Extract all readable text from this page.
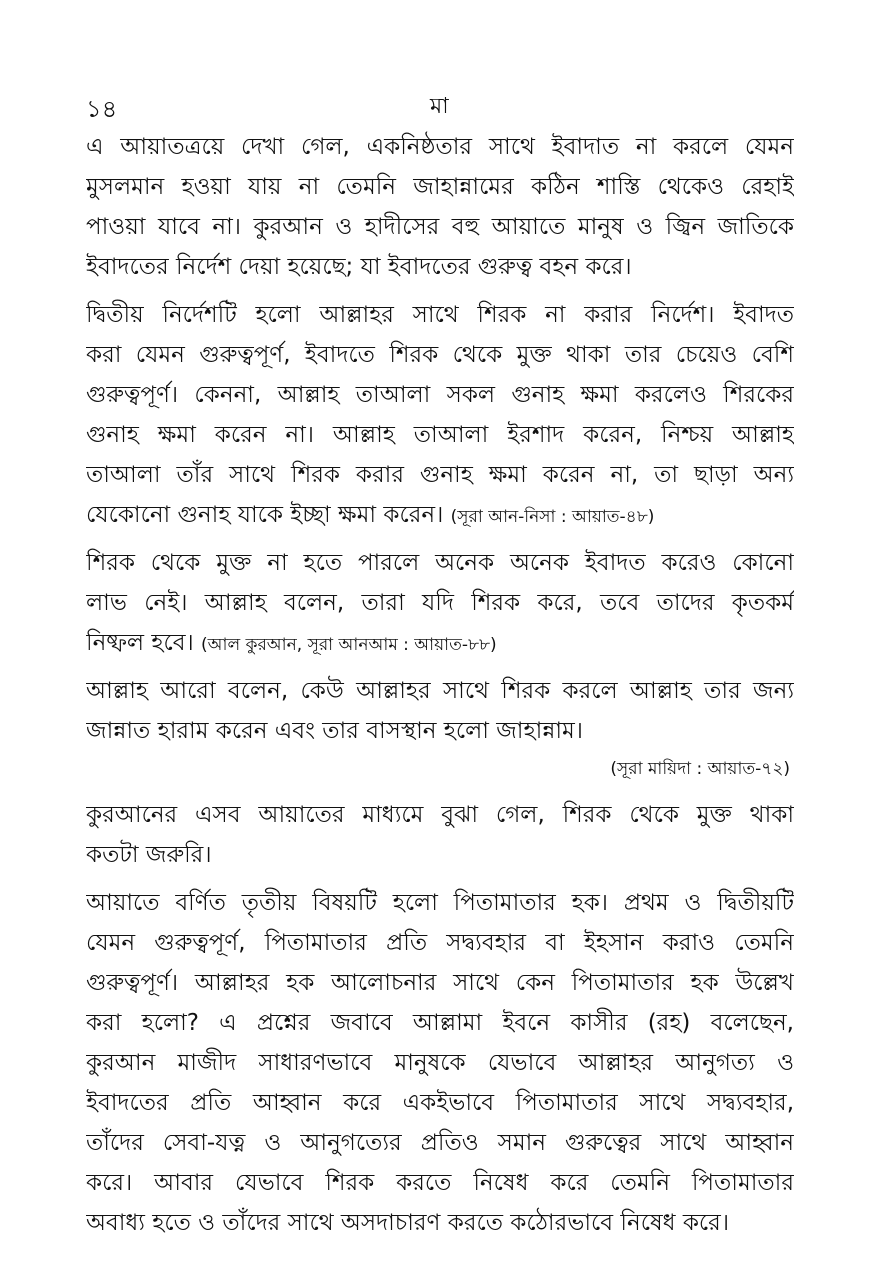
১৪	মা
এ আয়াতত্রয়ে দেখা গেল, একনিষ্ঠতার সাথে ইবাদাত না করলে যেমন
মুসলমান হওয়া যায় না তেমনি জাহান্নামের কঠিন শাস্তি থেকেও রেহাই
পাওয়া যাবে না। কুরআন ও হাদীসের বহু আয়াতে মানুষ ও জ্বিন জাতিকে
ইবাদতের নির্দেশ দেয়া হয়েছে; যা ইবাদতের গুরুত্ব বহন করে।
দ্বিতীয় নির্দেশটি হলো আল্লাহর সাথে শিরক না করার নির্দেশ। ইবাদত
করা যেমন গুরুত্বপূর্ণ, ইবাদতে শিরক থেকে মুক্ত থাকা তার চেয়েও বেশি
গুরুত্বপূর্ণ। কেননা, আল্লাহ তাআলা সকল গুনাহ ক্ষমা করলেও শিরকের
গুনাহ ক্ষমা করেন না। আল্লাহ তাআলা ইরশাদ করেন, নিশ্চয় আল্লাহ
তাআলা তাঁর সাথে শিরক করার গুনাহ ক্ষমা করেন না, তা ছাড়া অন্য
যেকোনো গুনাহ যাকে ইচ্ছা ক্ষমা করেন। (সূরা আন-নিসা : আয়াত-৪৮)
শিরক থেকে মুক্ত না হতে পারলে অনেক অনেক ইবাদত করেও কোনো
লাভ নেই। আল্লাহ বলেন, তারা যদি শিরক করে, তবে তাদের কৃতকর্ম
নিষ্ফল হবে। (আল কুরআন, সূরা আনআম : আয়াত-৮৮)
আল্লাহ আরো বলেন, কেউ আল্লাহর সাথে শিরক করলে আল্লাহ তার জন্য
জান্নাত হারাম করেন এবং তার বাসস্থান হলো জাহান্নাম।
(সূরা মায়িদা : আয়াত-৭২)
কুরআনের এসব আয়াতের মাধ্যমে বুঝা গেল, শিরক থেকে মুক্ত থাকা
কতটা জরুরি।
আয়াতে বর্ণিত তৃতীয় বিষয়টি হলো পিতামাতার হক। প্রথম ও দ্বিতীয়টি
যেমন গুরুত্বপূর্ণ, পিতামাতার প্রতি সদ্ব্যবহার বা ইহসান করাও তেমনি
গুরুত্বপূর্ণ। আল্লাহর হক আলোচনার সাথে কেন পিতামাতার হক উল্লেখ
করা হলো? এ প্রশ্নের জবাবে আল্লামা ইবনে কাসীর (রহ) বলেছেন,
কুরআন মাজীদ সাধারণভাবে মানুষকে যেভাবে আল্লাহর আনুগত্য ও
ইবাদতের প্রতি আহ্বান করে একইভাবে পিতামাতার সাথে সদ্ব্যবহার,
তাঁদের সেবা-যত্ন ও আনুগত্যের প্রতিও সমান গুরুত্বের সাথে আহ্বান
করে। আবার যেভাবে শিরক করতে নিষেধ করে তেমনি পিতামাতার
অবাধ্য হতে ও তাঁদের সাথে অসদাচারণ করতে কঠোরভাবে নিষেধ করে।
